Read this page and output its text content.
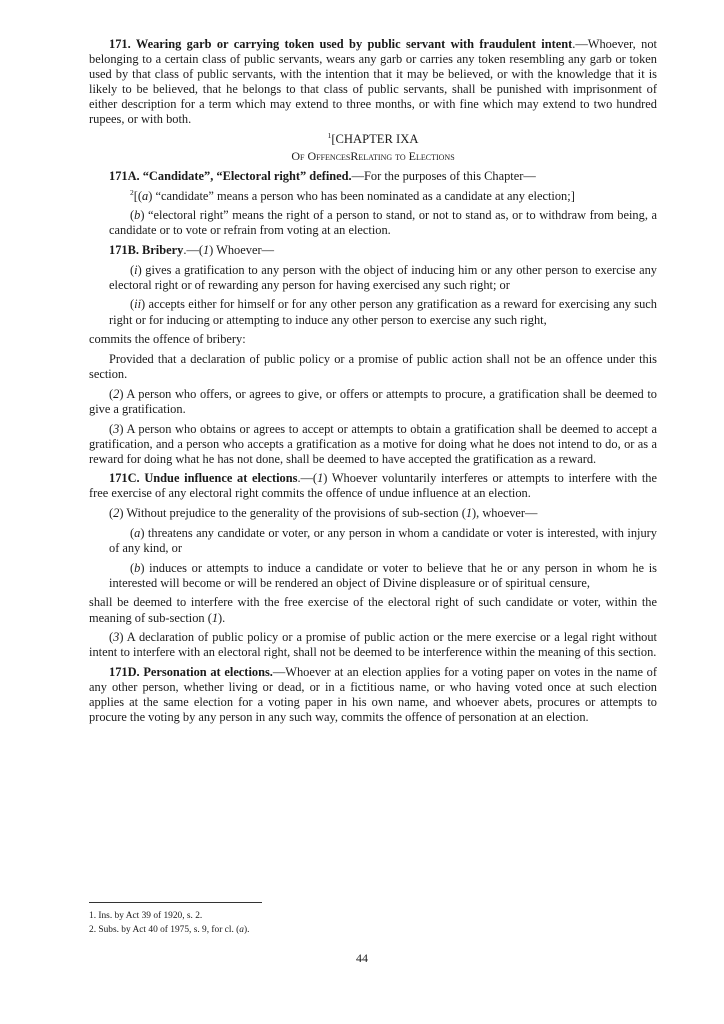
171. Wearing garb or carrying token used by public servant with fraudulent intent.—Whoever, not belonging to a certain class of public servants, wears any garb or carries any token resembling any garb or token used by that class of public servants, with the intention that it may be believed, or with the knowledge that it is likely to be believed, that he belongs to that class of public servants, shall be punished with imprisonment of either description for a term which may extend to three months, or with fine which may extend to two hundred rupees, or with both.

$^1$[CHAPTER IXA

Of OffencesRelating to Elections

171A. “Candidate”, “Electoral right” defined.—For the purposes of this Chapter—

$^2$[(a) “candidate” means a person who has been nominated as a candidate at any election;]

(b) “electoral right” means the right of a person to stand, or not to stand as, or to withdraw from being, a candidate or to vote or refrain from voting at an election.

171B. Bribery.—(1) Whoever—

(i) gives a gratification to any person with the object of inducing him or any other person to exercise any electoral right or of rewarding any person for having exercised any such right; or

(ii) accepts either for himself or for any other person any gratification as a reward for exercising any such right or for inducing or attempting to induce any other person to exercise any such right,

commits the offence of bribery:

Provided that a declaration of public policy or a promise of public action shall not be an offence under this section.

(2) A person who offers, or agrees to give, or offers or attempts to procure, a gratification shall be deemed to give a gratification.

(3) A person who obtains or agrees to accept or attempts to obtain a gratification shall be deemed to accept a gratification, and a person who accepts a gratification as a motive for doing what he does not intend to do, or as a reward for doing what he has not done, shall be deemed to have accepted the gratification as a reward.

171C. Undue influence at elections.—(1) Whoever voluntarily interferes or attempts to interfere with the free exercise of any electoral right commits the offence of undue influence at an election.

(2) Without prejudice to the generality of the provisions of sub-section (1), whoever—

(a) threatens any candidate or voter, or any person in whom a candidate or voter is interested, with injury of any kind, or

(b) induces or attempts to induce a candidate or voter to believe that he or any person in whom he is interested will become or will be rendered an object of Divine displeasure or of spiritual censure,

shall be deemed to interfere with the free exercise of the electoral right of such candidate or voter, within the meaning of sub-section (1).

(3) A declaration of public policy or a promise of public action or the mere exercise or a legal right without intent to interfere with an electoral right, shall not be deemed to be interference within the meaning of this section.

171D. Personation at elections.—Whoever at an election applies for a voting paper on votes in the name of any other person, whether living or dead, or in a fictitious name, or who having voted once at such election applies at the same election for a voting paper in his own name, and whoever abets, procures or attempts to procure the voting by any person in any such way, commits the offence of personation at an election.

1. Ins. by Act 39 of 1920, s. 2.
2. Subs. by Act 40 of 1975, s. 9, for cl. (a).
44
